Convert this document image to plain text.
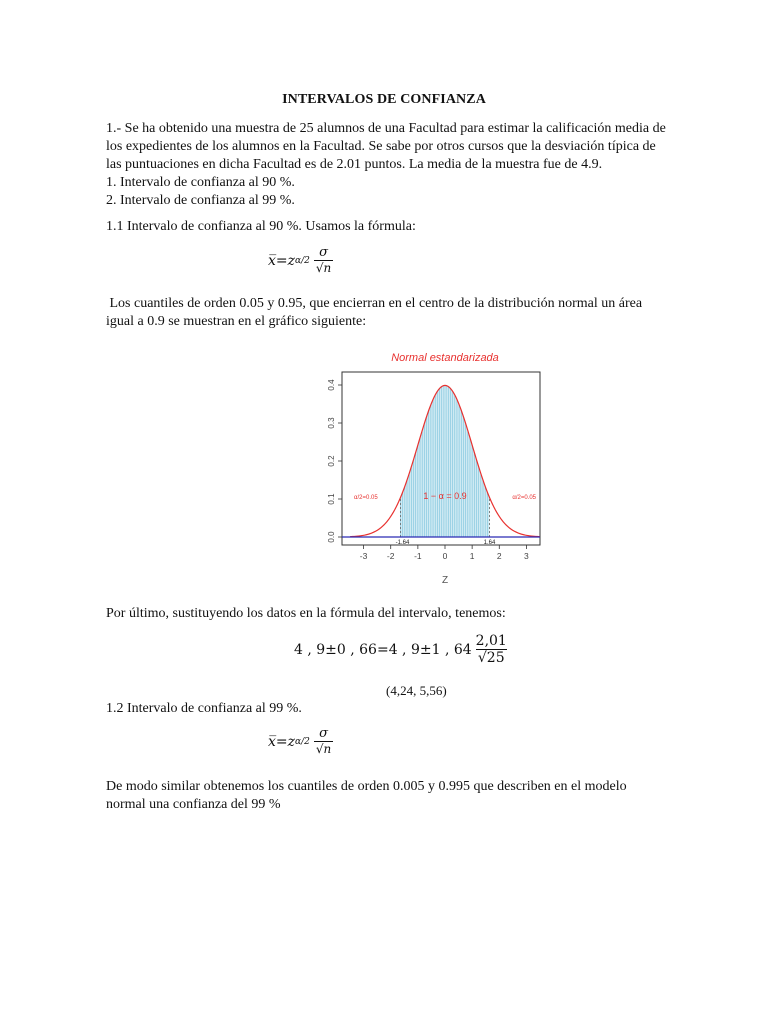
INTERVALOS DE CONFIANZA
1.- Se ha obtenido una muestra de 25 alumnos de una Facultad para estimar la calificación media de
los expedientes de los alumnos en la Facultad. Se sabe por otros cursos que la desviación típica de
las puntuaciones en dicha Facultad es de 2.01 puntos. La media de la muestra fue de 4.9.
1. Intervalo de confianza al 90 %.
2. Intervalo de confianza al 99 %.
1.1 Intervalo de confianza al 90 %. Usamos la fórmula:
x̅ =z $\alpha/2 \frac{\sigma}{√n}$
Los cuantiles de orden 0.05 y 0.95, que encierran en el centro de la distribución normal un área
igual a 0.9 se muestran en el gráfico siguiente:
Normal estandarizada
0.0
0.1
0.2
0.3
0.4
-3 -2 -1 0	1	2	3
Z
α/2=0.05	α/2=0.05
1 − α = 0.9
-1.64	1.64
Por último, sustituyendo los datos en la fórmula del intervalo, tenemos:
4 , 9±0 , 66=4 , 9±1 , $64 \frac{2,01}{√25}$
(4,24, 5,56)
1.2 Intervalo de confianza al 99 %.
x̅ =z $\alpha/2 \frac{\sigma}{√n}$
De modo similar obtenemos los cuantiles de orden 0.005 y 0.995 que describen en el modelo
normal una confianza del 99 %
